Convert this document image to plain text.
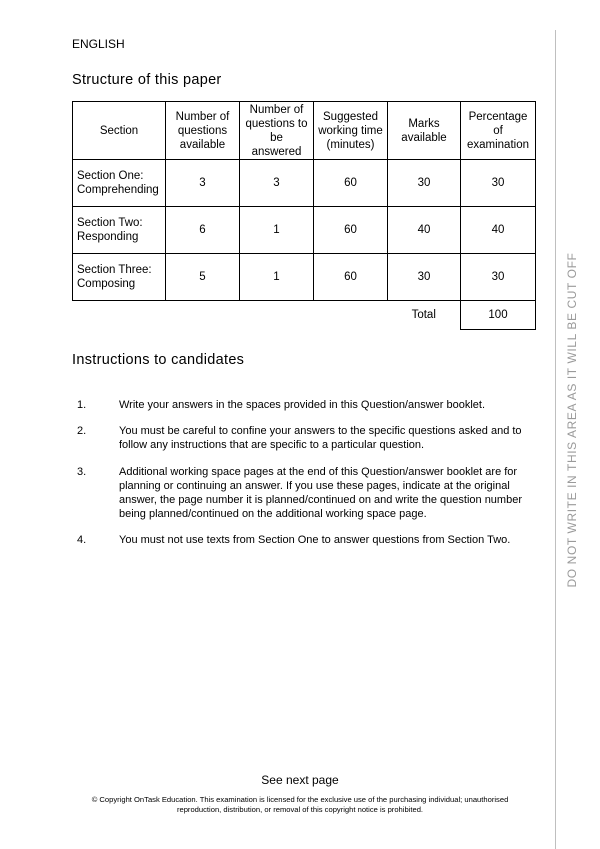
ENGLISH
Structure of this paper
Section	Number of questions available	Number of questions to be answered	Suggested working time (minutes)	Marks available	Percentage of examination
Section One: Comprehending	3	3	60	30	30
Section Two: Responding	6	1	60	40	40
Section Three: Composing	5	1	60	30	30
				Total	100
Instructions to candidates
1.	Write your answers in the spaces provided in this Question/answer booklet.
2.	You must be careful to confine your answers to the specific questions asked and to follow any instructions that are specific to a particular question.
3.	Additional working space pages at the end of this Question/answer booklet are for planning or continuing an answer. If you use these pages, indicate at the original answer, the page number it is planned/continued on and write the question number being planned/continued on the additional working space page.
4.	You must not use texts from Section One to answer questions from Section Two.	DO NOT WRITE IN THIS AREA AS IT WILL BE CUT OFF
See next page
© Copyright OnTask Education. This examination is licensed for the exclusive use of the purchasing individual; unauthorised reproduction, distribution, or removal of this copyright notice is prohibited.
